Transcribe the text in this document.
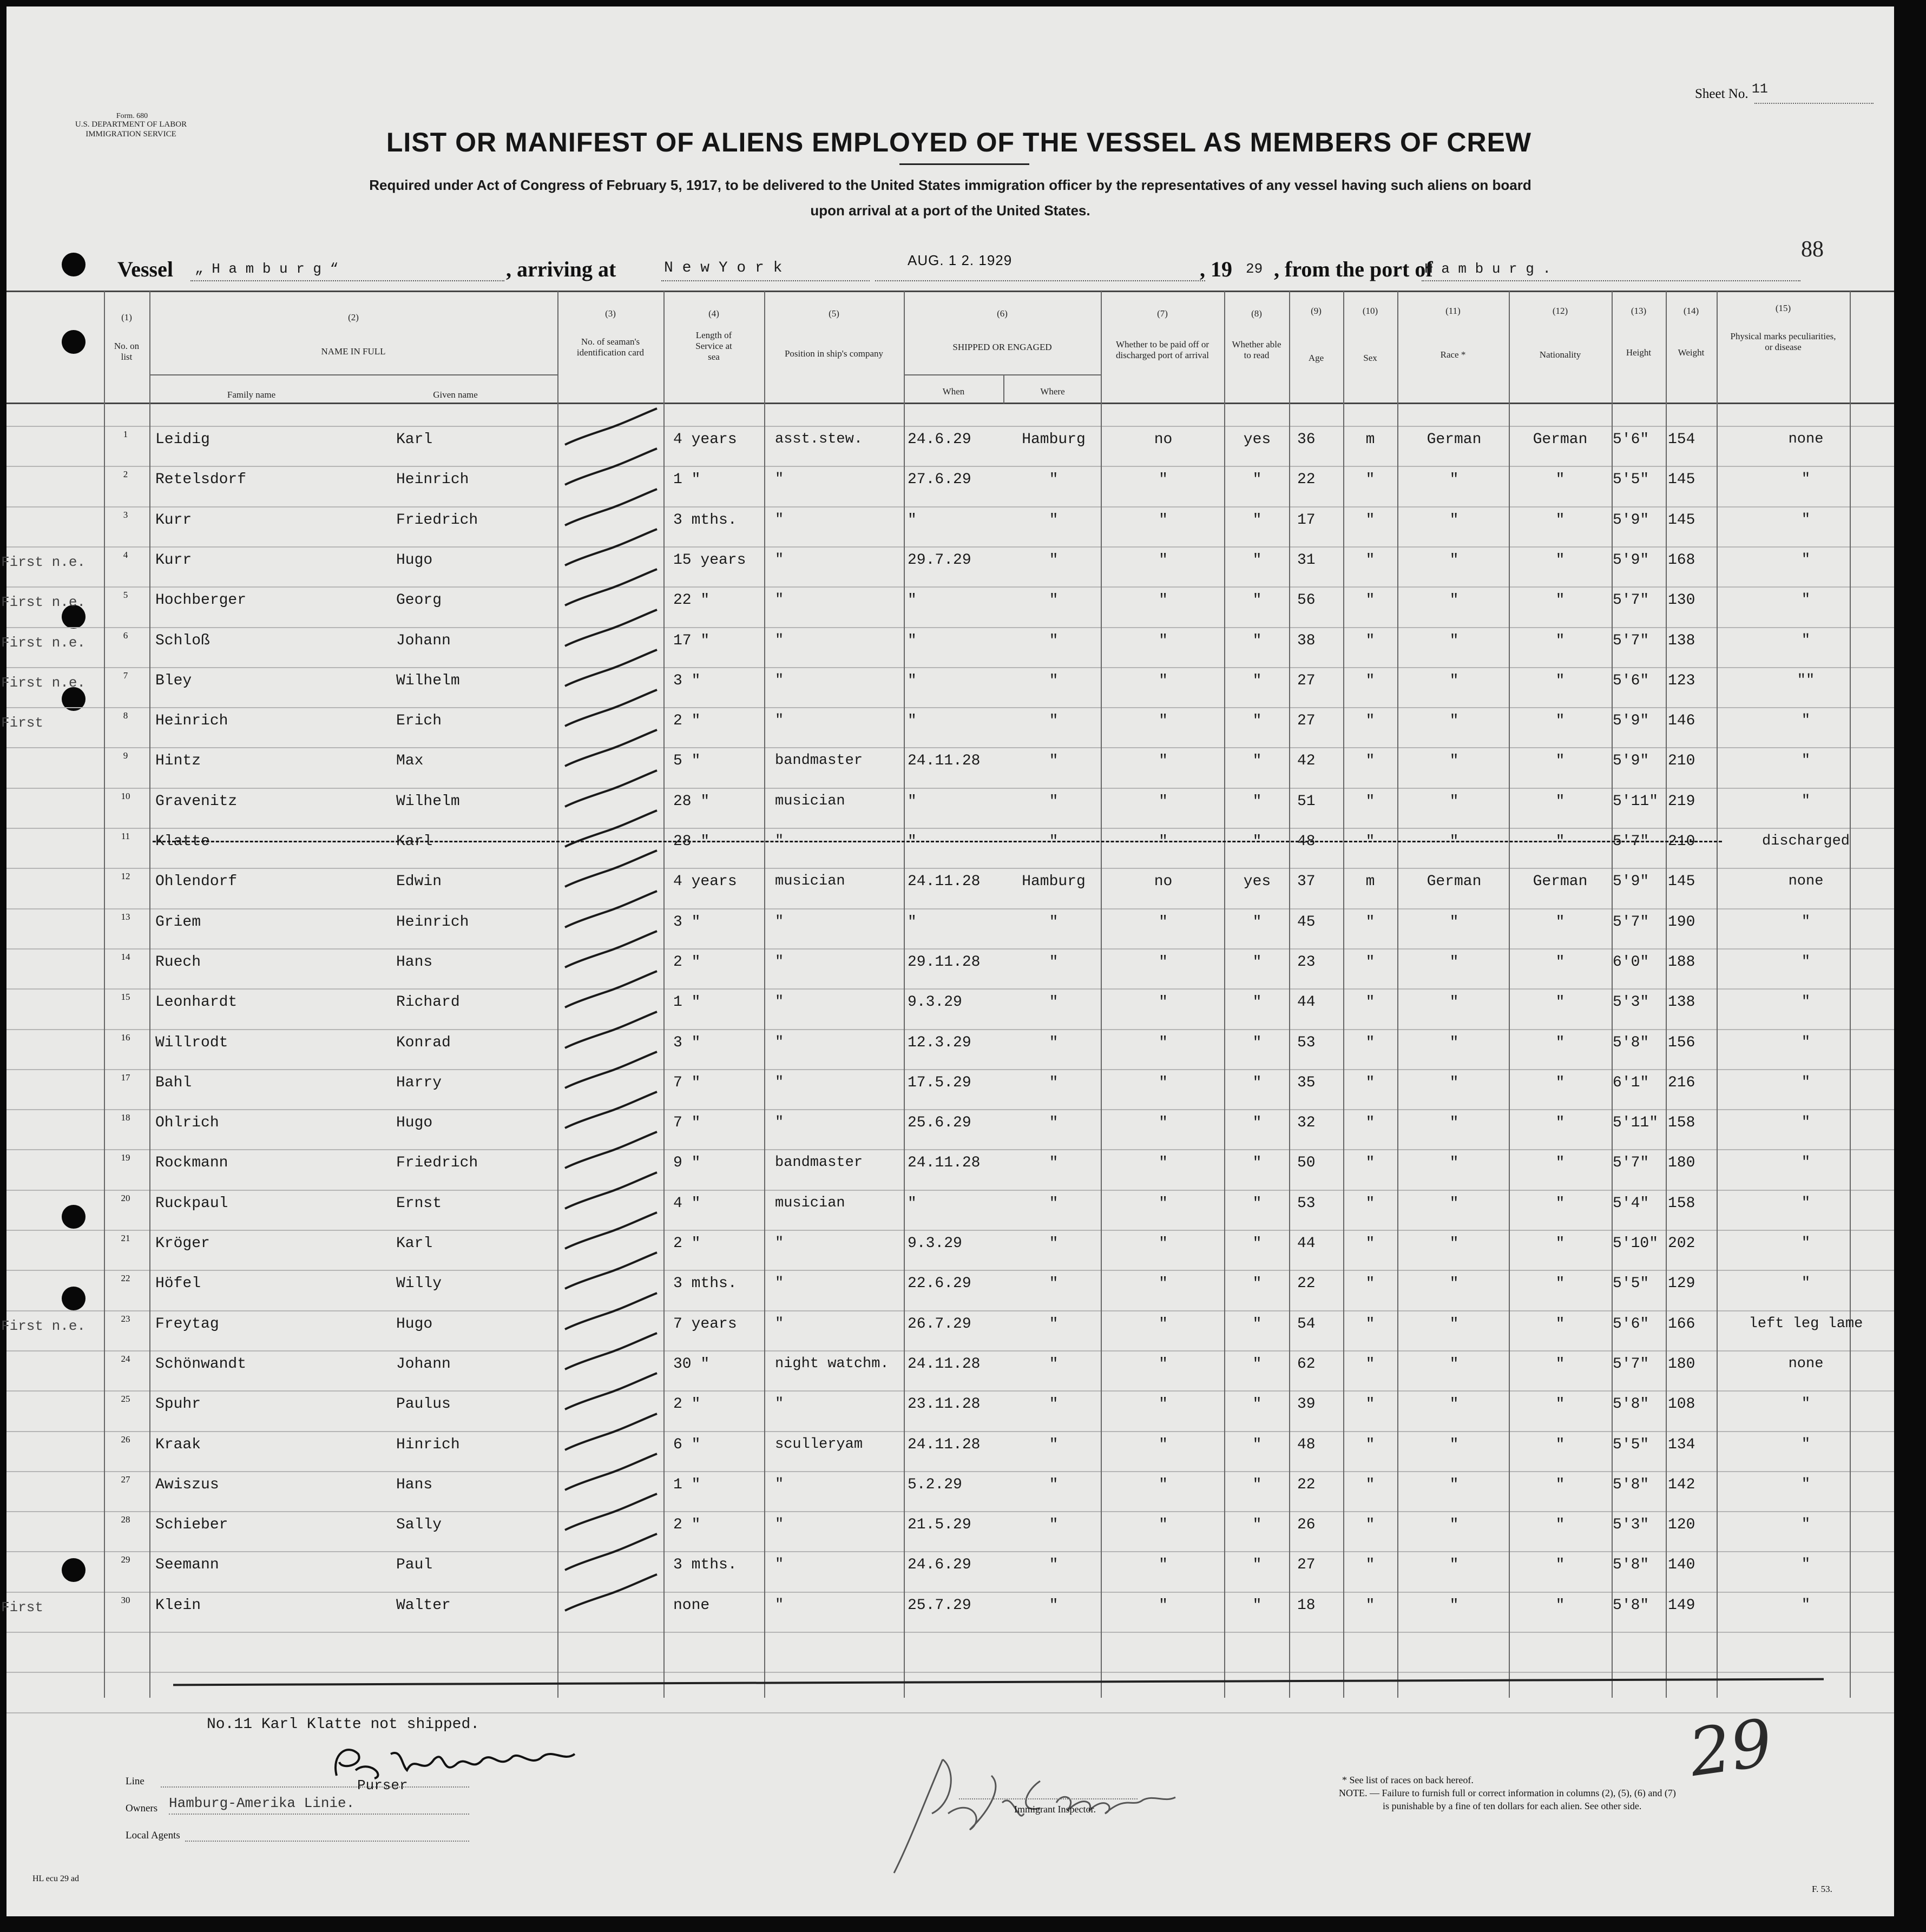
Form. 680
U.S. DEPARTMENT OF LABOR
IMMIGRATION SERVICE
Sheet No. 11
LIST OR MANIFEST OF ALIENS EMPLOYED OF THE VESSEL AS MEMBERS OF CREW
Required under Act of Congress of February 5, 1917, to be delivered to the United States immigration officer by the representatives of any vessel having such aliens on board
upon arrival at a port of the United States.
Vessel „ H a m b u r g “	, arriving at	N e w Y o r k	AUG. 1 2. 1929	, 19 29 , from the port of
H a m b u r g .
88
(1)
No. on list
(2)
NAME IN FULL
Family name	Given name
(3)
No. of seaman's identification card
(4)
Length of Service at sea
(5)
Position in ship's company
(6)
SHIPPED OR ENGAGED
When	Where
(7)
Whether to be paid off or discharged port of arrival
(8)
Whether able to read
(9)
Age
(10)
Sex
(11)
Race *
(12)
Nationality
(13)
Height
(14)
Weight
(15)
Physical marks peculiarities, or disease
1	Leidig	Karl	4 years	asst.stew.	24.6.29	Hamburg	no	yes	36	m	German	German	5'6"	154	none
2	Retelsdorf	Heinrich	1 "	"	27.6.29	"	"	"	22	"	"	"	5'5"	145	"
3	Kurr	Friedrich	3 mths.	"	"	"	"	"	17	"	"	"	5'9"	145	"
4	Kurr	Hugo	15 years	"	29.7.29	"	"	"	31	"	"	"	5'9"	168	"
5	Hochberger	Georg	22 "	"	"	"	"	"	56	"	"	"	5'7"	130	"
6	Schloß	Johann	17 "	"	"	"	"	"	38	"	"	"	5'7"	138	"
7	Bley	Wilhelm	3 "	"	"	"	"	"	27	"	"	"	5'6"	123	""
8	Heinrich	Erich	2 "	"	"	"	"	"	27	"	"	"	5'9"	146	"
9	Hintz	Max	5 "	bandmaster	24.11.28	"	"	"	42	"	"	"	5'9"	210	"
10	Gravenitz	Wilhelm	28 "	musician	"	"	"	"	51	"	"	"	5'11" 219	"
11	Klatte	Karl	28 "	"	"	"	"	"	48	"	"	"	5'7"	210	discharged
12	Ohlendorf	Edwin	4 years	musician	24.11.28	Hamburg	no	yes	37	m	German	German	5'9"	145	none
13	Griem	Heinrich	3 "	"	"	"	"	"	45	"	"	"	5'7"	190	"
14	Ruech	Hans	2 "	"	29.11.28	"	"	"	23	"	"	"	6'0"	188	"
15	Leonhardt	Richard	1 "	"	9.3.29	"	"	"	44	"	"	"	5'3"	138	"
16	Willrodt	Konrad	3 "	"	12.3.29	"	"	"	53	"	"	"	5'8"	156	"
17	Bahl	Harry	7 "	"	17.5.29	"	"	"	35	"	"	"	6'1"	216	"
18	Ohlrich	Hugo	7 "	"	25.6.29	"	"	"	32	"	"	"	5'11" 158	"
19	Rockmann	Friedrich	9 "	bandmaster	24.11.28	"	"	"	50	"	"	"	5'7"	180	"
20	Ruckpaul	Ernst	4 "	musician	"	"	"	"	53	"	"	"	5'4"	158	"
21	Kröger	Karl	2 "	"	9.3.29	"	"	"	44	"	"	"	5'10" 202	"
22	Höfel	Willy	3 mths.	"	22.6.29	"	"	"	22	"	"	"	5'5"	129	"
23	Freytag	Hugo	7 years	"	26.7.29	"	"	"	54	"	"	"	5'6"	166	left leg lame
24	Schönwandt	Johann	30 "	night watchm.	24.11.28	"	"	"	62	"	"	"	5'7"	180	none
25	Spuhr	Paulus	2 "	"	23.11.28	"	"	"	39	"	"	"	5'8"	108	"
26	Kraak	Hinrich	6 "	sculleryam	24.11.28	"	"	"	48	"	"	"	5'5"	134	"
27	Awiszus	Hans	1 "	"	5.2.29	"	"	"	22	"	"	"	5'8"	142	"
28	Schieber	Sally	2 "	"	21.5.29	"	"	"	26	"	"	"	5'3"	120	"
29	Seemann	Paul	3 mths.	"	24.6.29	"	"	"	27	"	"	"	5'8"	140	"
30	Klein	Walter	none	"	25.7.29	"	"	"	18	"	"	"	5'8"	149	"
First n.e.
First n.e.
First n.e.
First n.e.
First
First n.e.
First
No.11 Karl Klatte not shipped.
Line	Purser
Owners Hamburg-Amerika Linie.
Local Agents
Immigrant Inspector.
* See list of races on back hereof.
NOTE. — Failure to furnish full or correct information in columns (2), (5), (6) and (7)
is punishable by a fine of ten dollars for each alien. See other side.
29
HL ecu 29 ad
F. 53.
